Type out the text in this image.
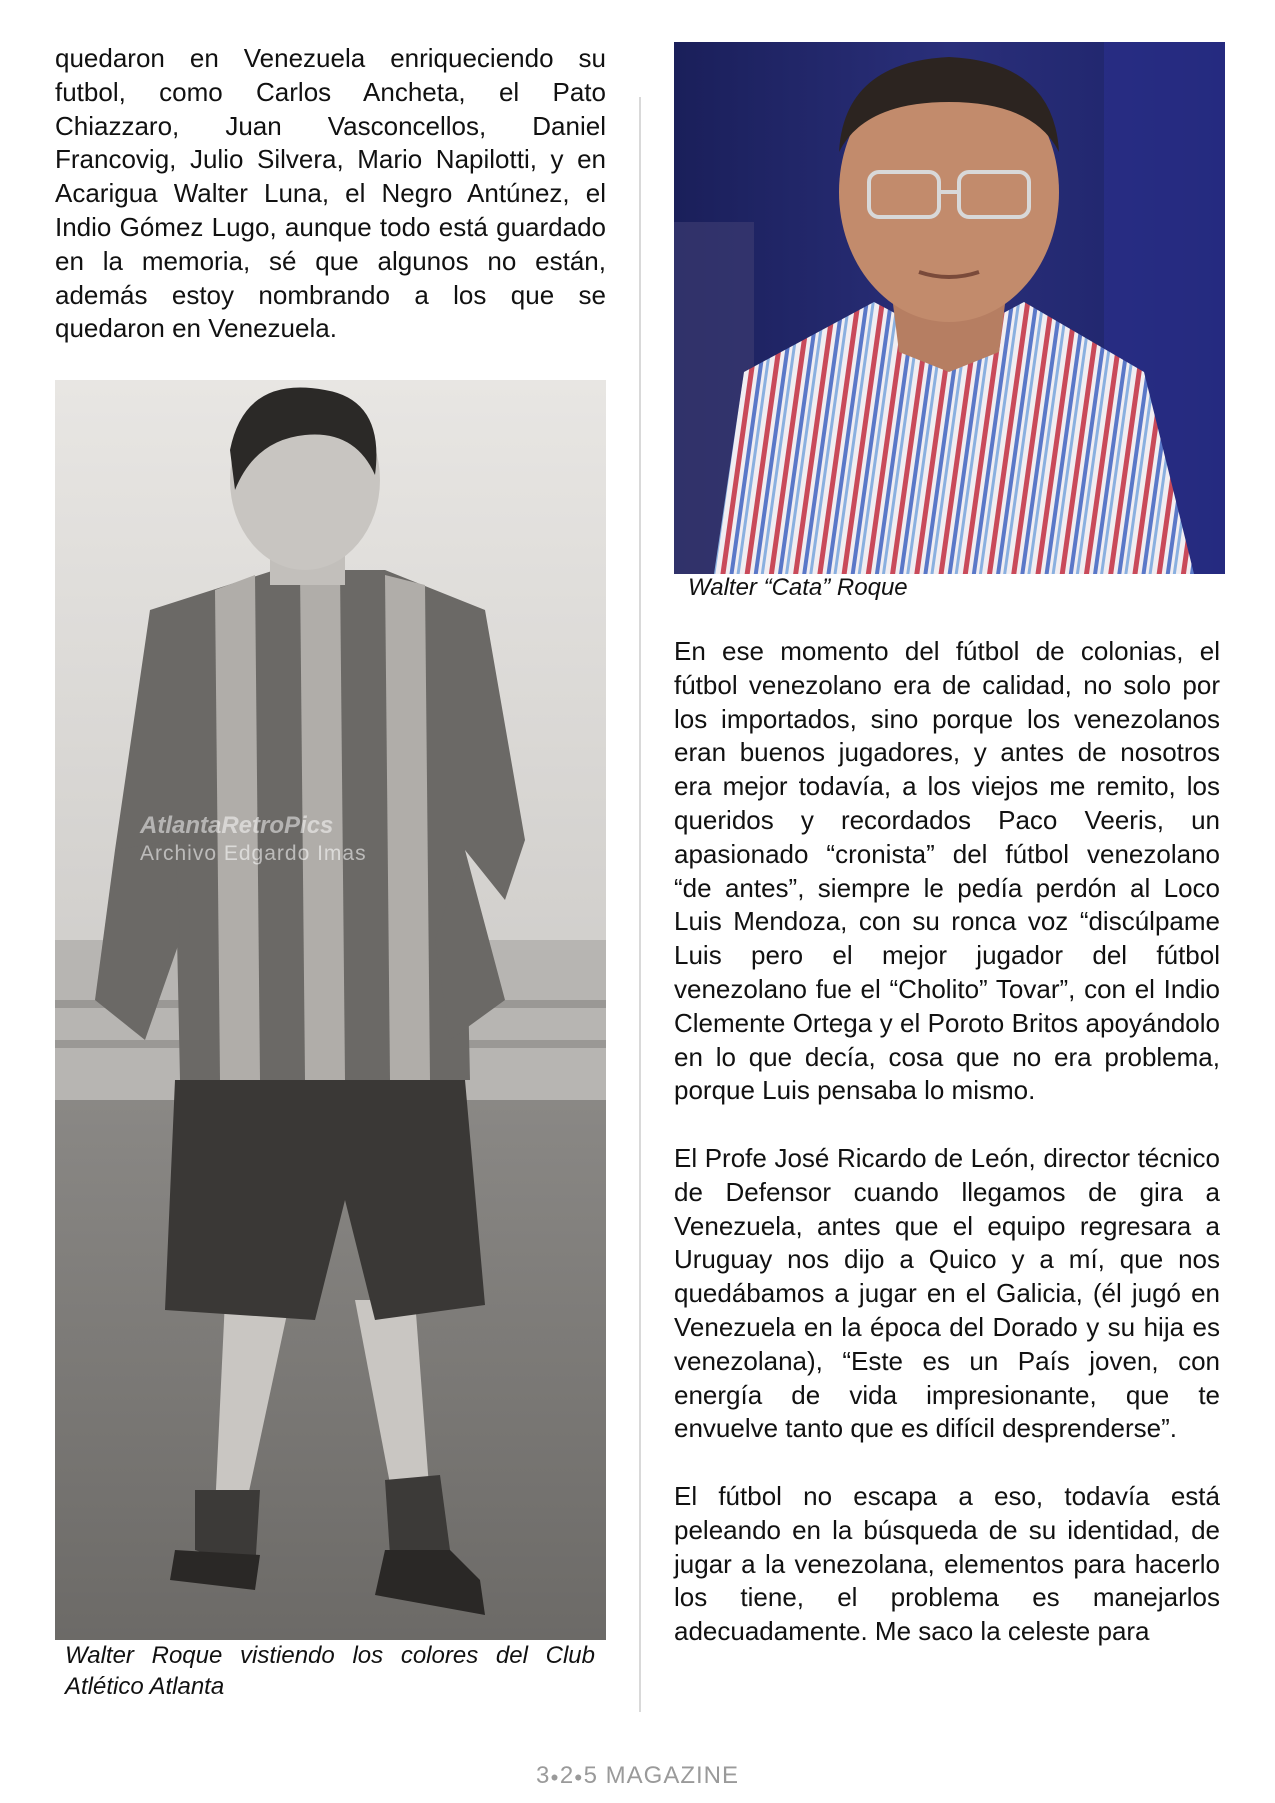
quedaron en Venezuela enriqueciendo su futbol, como Carlos Ancheta, el Pato Chiazzaro, Juan Vasconcellos, Daniel Francovig, Julio Silvera, Mario Napilotti, y en Acarigua Walter Luna, el Negro Antúnez, el Indio Gómez Lugo, aunque todo está guardado en la memoria, sé que algunos no están, además estoy nombrando a los que se quedaron en Venezuela.

AtlantaRetroPics
Archivo Edgardo Imas

Walter Roque vistiendo los colores del Club Atlético Atlanta

Walter “Cata” Roque

En ese momento del fútbol de colonias, el fútbol venezolano era de calidad, no solo por los importados, sino porque los venezolanos eran buenos jugadores, y antes de nosotros era mejor todavía, a los viejos me remito, los queridos y recordados Paco Veeris, un apasionado “cronista” del fútbol venezolano “de antes”, siempre le pedía perdón al Loco Luis Mendoza, con su ronca voz “discúlpame Luis pero el mejor jugador del fútbol venezolano fue el “Cholito” Tovar”, con el Indio Clemente Ortega y el Poroto Britos apoyándolo en lo que decía, cosa que no era problema, porque Luis pensaba lo mismo.

El Profe José Ricardo de León, director técnico de Defensor cuando llegamos de gira a Venezuela, antes que el equipo regresara a Uruguay nos dijo a Quico y a mí, que nos quedábamos a jugar en el Galicia, (él jugó en Venezuela en la época del Dorado y su hija es venezolana), “Este es un País joven, con energía de vida impresionante, que te envuelve tanto que es difícil desprenderse”.

El fútbol no escapa a eso, todavía está peleando en la búsqueda de su identidad, de jugar a la venezolana, elementos para hacerlo los tiene, el problema es manejarlos adecuadamente. Me saco la celeste para

3●2●5 MAGAZINE
